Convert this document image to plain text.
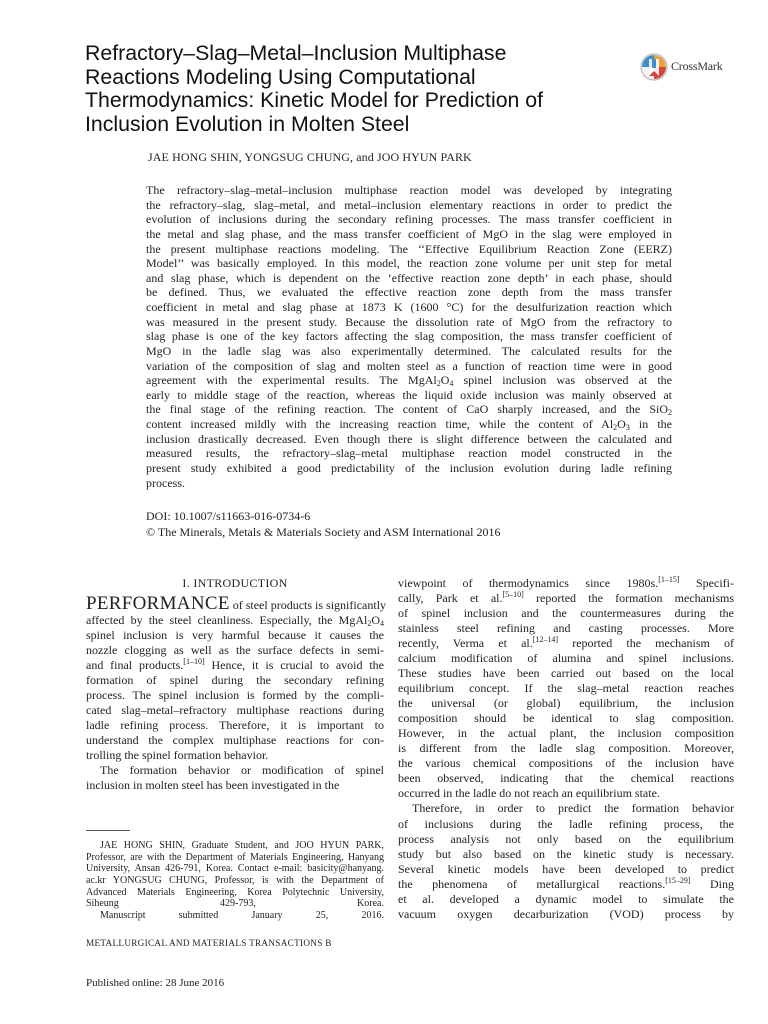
Refractory–Slag–Metal–Inclusion Multiphase
Reactions Modeling Using Computational
Thermodynamics: Kinetic Model for Prediction of
Inclusion Evolution in Molten Steel
CrossMark

JAE HONG SHIN, YONGSUG CHUNG, and JOO HYUN PARK

The refractory–slag–metal–inclusion multiphase reaction model was developed by integrating
the refractory–slag, slag–metal, and metal–inclusion elementary reactions in order to predict the
evolution of inclusions during the secondary refining processes. The mass transfer coefficient in
the metal and slag phase, and the mass transfer coefficient of MgO in the slag were employed in
the present multiphase reactions modeling. The ‘‘Effective Equilibrium Reaction Zone (EERZ)
Model’’ was basically employed. In this model, the reaction zone volume per unit step for metal
and slag phase, which is dependent on the ‘effective reaction zone depth’ in each phase, should
be defined. Thus, we evaluated the effective reaction zone depth from the mass transfer
coefficient in metal and slag phase at 1873 K (1600 °C) for the desulfurization reaction which
was measured in the present study. Because the dissolution rate of MgO from the refractory to
slag phase is one of the key factors affecting the slag composition, the mass transfer coefficient of
MgO in the ladle slag was also experimentally determined. The calculated results for the
variation of the composition of slag and molten steel as a function of reaction time were in good
agreement with the experimental results. The $MgAl_2O_4$ spinel inclusion was observed at the
early to middle stage of the reaction, whereas the liquid oxide inclusion was mainly observed at
the final stage of the refining reaction. The content of CaO sharply increased, and the SiO$_2$
content increased mildly with the increasing reaction time, while the content of $Al_2O_3$ in the
inclusion drastically decreased. Even though there is slight difference between the calculated and
measured results, the refractory–slag–metal multiphase reaction model constructed in the
present study exhibited a good predictability of the inclusion evolution during ladle refining
process.
DOI: 10.1007/s11663-016-0734-6
© The Minerals, Metals & Materials Society and ASM International 2016
I. INTRODUCTION
PERFORMANCE of steel products is significantly
affected by the steel cleanliness. Especially, the $MgAl_2O_4$
spinel inclusion is very harmful because it causes the
nozzle clogging as well as the surface defects in semi-
and final products.[1–10] Hence, it is crucial to avoid the
formation of spinel during the secondary refining
process. The spinel inclusion is formed by the compli-
cated slag–metal–refractory multiphase reactions during
ladle refining process. Therefore, it is important to
understand the complex multiphase reactions for con-
trolling the spinel formation behavior.
The formation behavior or modification of spinel
inclusion in molten steel has been investigated in the
viewpoint of thermodynamics since 1980s.[1–15] Specifi-
cally, Park et al.[5–10] reported the formation mechanisms
of spinel inclusion and the countermeasures during the
stainless steel refining and casting processes. More
recently, Verma et al.[12–14] reported the mechanism of
calcium modification of alumina and spinel inclusions.
These studies have been carried out based on the local
equilibrium concept. If the slag–metal reaction reaches
the universal (or global) equilibrium, the inclusion
composition should be identical to slag composition.
However, in the actual plant, the inclusion composition
is different from the ladle slag composition. Moreover,
the various chemical compositions of the inclusion have
been observed, indicating that the chemical reactions
occurred in the ladle do not reach an equilibrium state.
Therefore, in order to predict the formation behavior
of inclusions during the ladle refining process, the
process analysis not only based on the equilibrium
study but also based on the kinetic study is necessary.
Several kinetic models have been developed to predict
the phenomena of metallurgical reactions.[15–29] Ding
et al. developed a dynamic model to simulate the
vacuum oxygen decarburization (VOD) process by
JAE HONG SHIN, Graduate Student, and JOO HYUN PARK,
Professor, are with the Department of Materials Engineering, Hanyang
University, Ansan 426-791, Korea. Contact e-mail: basicity@hanyang.
ac.kr YONGSUG CHUNG, Professor, is with the Department of
Advanced Materials Engineering, Korea Polytechnic University,
Siheung 429-793, Korea.
Manuscript submitted January 25, 2016.
METALLURGICAL AND MATERIALS TRANSACTIONS B
Published online: 28 June 2016
